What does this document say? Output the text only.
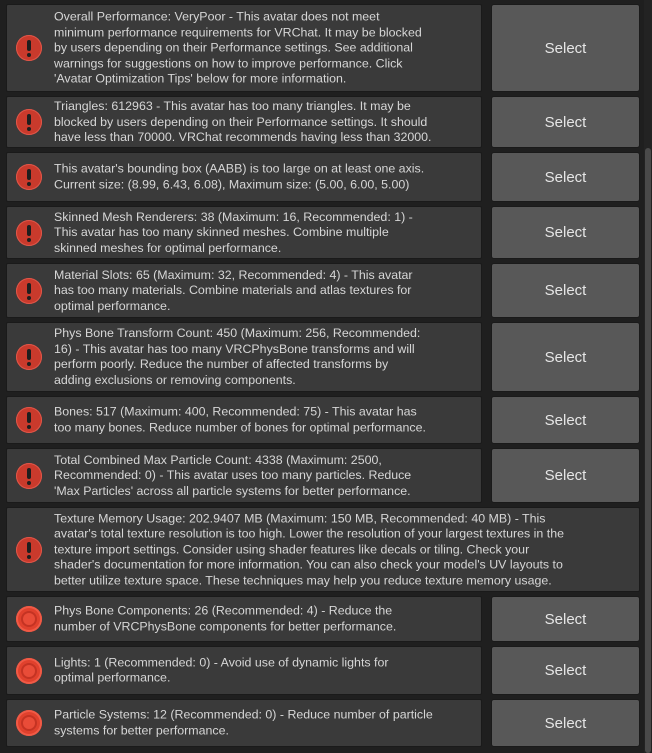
Overall Performance: VeryPoor - This avatar does not meet
minimum performance requirements for VRChat. It may be blocked
by users depending on their Performance settings. See additional
warnings for suggestions on how to improve performance. Click
'Avatar Optimization Tips' below for more information.
Select
Triangles: 612963 - This avatar has too many triangles. It may be
blocked by users depending on their Performance settings. It should
have less than 70000. VRChat recommends having less than 32000.
Select
This avatar's bounding box (AABB) is too large on at least one axis.
Current size: (8.99, 6.43, 6.08), Maximum size: (5.00, 6.00, 5.00)	Select
Skinned Mesh Renderers: 38 (Maximum: 16, Recommended: 1) -
This avatar has too many skinned meshes. Combine multiple
skinned meshes for optimal performance.
Select
Material Slots: 65 (Maximum: 32, Recommended: 4) - This avatar
has too many materials. Combine materials and atlas textures for
optimal performance.
Select
Phys Bone Transform Count: 450 (Maximum: 256, Recommended:
16) - This avatar has too many VRCPhysBone transforms and will
perform poorly. Reduce the number of affected transforms by
adding exclusions or removing components.
Select
Bones: 517 (Maximum: 400, Recommended: 75) - This avatar has
too many bones. Reduce number of bones for optimal performance.	Select
Total Combined Max Particle Count: 4338 (Maximum: 2500,
Recommended: 0) - This avatar uses too many particles. Reduce
'Max Particles' across all particle systems for better performance.
Select
Texture Memory Usage: 202.9407 MB (Maximum: 150 MB, Recommended: 40 MB) - This
avatar's total texture resolution is too high. Lower the resolution of your largest textures in the
texture import settings. Consider using shader features like decals or tiling. Check your
shader's documentation for more information. You can also check your model's UV layouts to
better utilize texture space. These techniques may help you reduce texture memory usage.
Phys Bone Components: 26 (Recommended: 4) - Reduce the
number of VRCPhysBone components for better performance.	Select
Lights: 1 (Recommended: 0) - Avoid use of dynamic lights for
optimal performance.	Select
Particle Systems: 12 (Recommended: 0) - Reduce number of particle
systems for better performance.	Select
